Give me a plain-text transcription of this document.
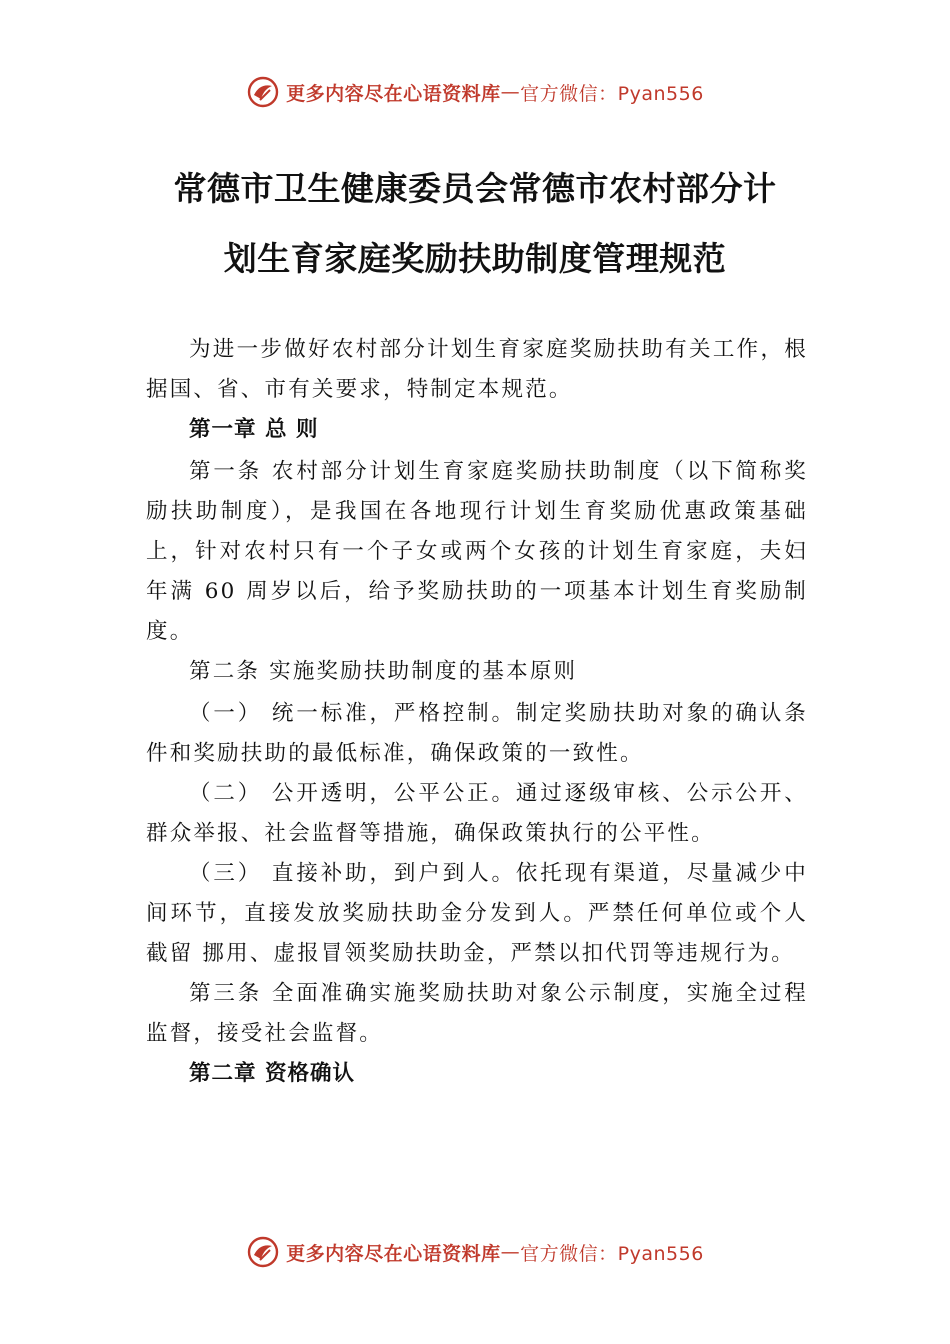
更多内容尽在心语资料库 — 官方微信：Pyan556
常德市卫生健康委员会常德市农村部分计
划生育家庭奖励扶助制度管理规范

为进一步做好农村部分计划生育家庭奖励扶助有关工作，根 据国、省、市有关要求，特制定本规范。

第一章 总 则

第一条 农村部分计划生育家庭奖励扶助制度（以下简称奖 励扶助制度），是我国在各地现行计划生育奖励优惠政策基础上，针对农村只有一个子女或两个女孩的计划生育家庭，夫妇年满 60 周岁以后，给予奖励扶助的一项基本计划生育奖励制度。

第二条 实施奖励扶助制度的基本原则

（一） 统一标准，严格控制。制定奖励扶助对象的确认条件和奖励扶助的最低标准，确保政策的一致性。

（二） 公开透明，公平公正。通过逐级审核、公示公开、群众举报、社会监督等措施，确保政策执行的公平性。

（三） 直接补助，到户到人。依托现有渠道，尽量减少中间环节，直接发放奖励扶助金分发到人。严禁任何单位或个人截留 挪用、虚报冒领奖励扶助金，严禁以扣代罚等违规行为。

第三条 全面准确实施奖励扶助对象公示制度，实施全过程监督，接受社会监督。

第二章 资格确认

更多内容尽在心语资料库 — 官方微信：Pyan556
